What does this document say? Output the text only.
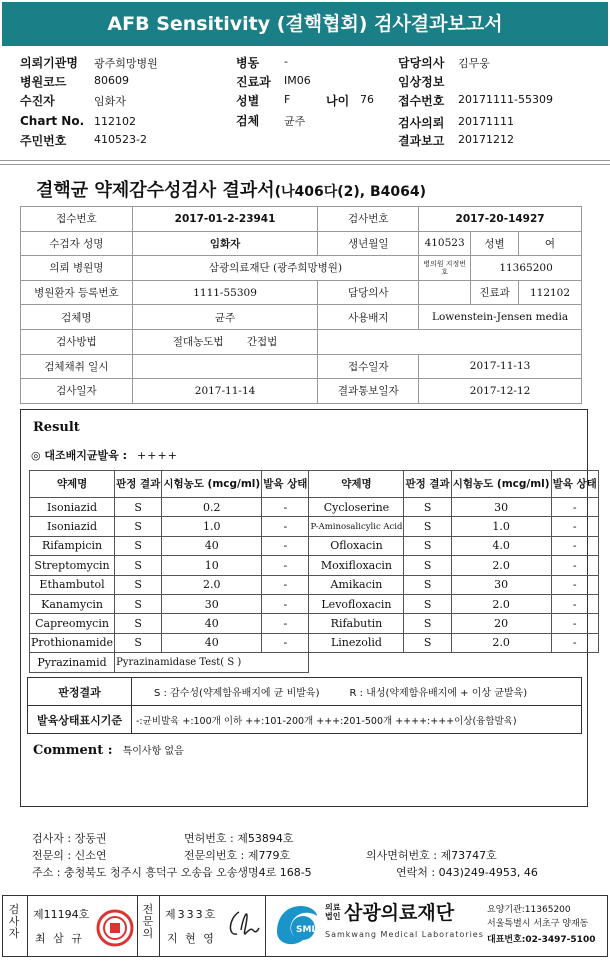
AFB Sensitivity (결핵협회) 검사결과보고서
의뢰기관명 광주희망병원
병원코드	80609
수진자	임화자
Chart No. 112102
주민번호	410523-2
병동 -
진료과 IM06
성별 F	나이 76
검체 균주
담당의사 김무웅
임상정보
접수번호 20171111-55309
검사의뢰 20171111
결과보고 20171212
결핵균 약제감수성검사 결과서(나406다(2), B4064)
접수번호	2017-01-2-23941	검사번호	2017-20-14927		
수검자 성명	임화자	생년월일	410523	성별	여
의뢰 병원명	삼광의료재단 (광주희망병원)		병의원 지정번호	11365200	
병원환자 등록번호	1111-55309	담당의사		진료과	112102
검체명	균주	사용배지	Lowenstein-Jensen media		
검사방법	절대농도법 간접법				
검체채취 일시		접수일자	2017-11-13		
검사일자	2017-11-14	결과통보일자	2017-12-12		
Result
◎ 대조배지균발육 : ++++
약제명	판정 결과	시험농도 (mcg/ml)	발육 상태	약제명	판정 결과	시험농도 (mcg/ml)	발육 상태
Isoniazid	S	0.2	-	Cycloserine	S	30	-
Isoniazid	S	1.0	-	P-Aminosalicylic Acid	S	1.0	-
Rifampicin	S	40	-	Ofloxacin	S	4.0	-
Streptomycin	S	10	-	Moxifloxacin	S	2.0	-
Ethambutol	S	2.0	-	Amikacin	S	30	-
Kanamycin	S	30	-	Levofloxacin	S	2.0	-
Capreomycin	S	40	-	Rifabutin	S	20	-
Prothionamide	S	40	-	Linezolid	S	2.0	-
Pyrazinamid	Pyrazinamidase Test( S )						
판정결과	S : 감수성(약제함유배지에 균 비발육) R : 내성(약제함유배지에 + 이상 균발육)
발육상태표시기준	-:균비발육 +:100개 이하 ++:101-200개 +++:201-500개 ++++:+++이상(융합발육)
Comment : 특이사항 없음
검사자 : 장동권	면허번호 : 제53894호
전문의 : 신소연	전문의번호 : 제779호	의사면허번호 : 제73747호
주소 : 충청북도 청주시 흥덕구 오송읍 오송생명4로 168-5	연락처 : 043)249-4953, 46
검
사
자
제11194호
최 삼 규
전
문
의
제333호
지 현 영
SML
의료
법인 삼광의료재단
Samkwang Medical Laboratories
요양기관:11365200
서울특별시 서초구 양재동
대표번호:02-3497-5100
